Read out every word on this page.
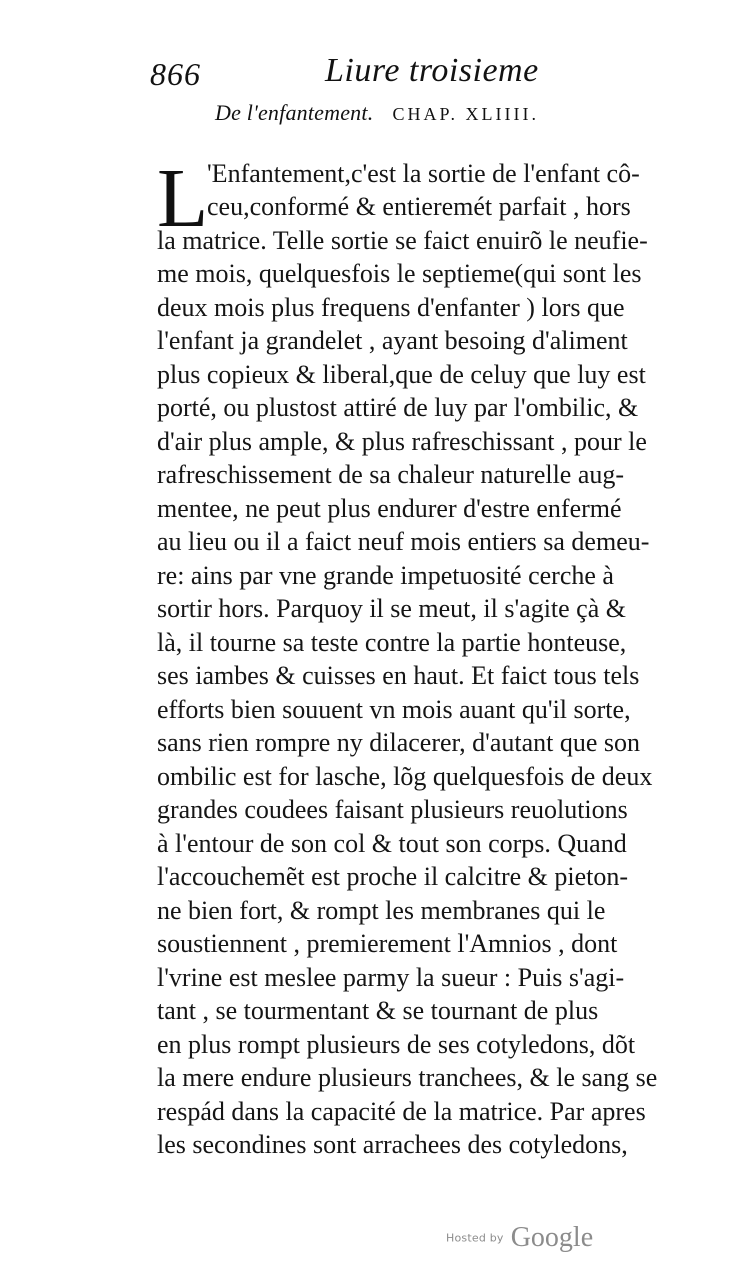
866	Liure troisieme
De l'enfantement. CHAP. XLIIII.
L
'Enfantement,c'est la sortie de l'enfant cô-
ceu,conformé & entieremét parfait , hors
la matrice. Telle sortie se faict enuirõ le neufie-
me mois, quelquesfois le septieme(qui sont les
deux mois plus frequens d'enfanter ) lors que
l'enfant ja grandelet , ayant besoing d'aliment
plus copieux & liberal,que de celuy que luy est
porté, ou plustost attiré de luy par l'ombilic, &
d'air plus ample, & plus rafreschissant , pour le
rafreschissement de sa chaleur naturelle aug-
mentee, ne peut plus endurer d'estre enfermé
au lieu ou il a faict neuf mois entiers sa demeu-
re: ains par vne grande impetuosité cerche à
sortir hors. Parquoy il se meut, il s'agite çà &
là, il tourne sa teste contre la partie honteuse,
ses iambes & cuisses en haut. Et faict tous tels
efforts bien souuent vn mois auant qu'il sorte,
sans rien rompre ny dilacerer, d'autant que son
ombilic est for lasche, lõg quelquesfois de deux
grandes coudees faisant plusieurs reuolutions
à l'entour de son col & tout son corps. Quand
l'accouchemẽt est proche il calcitre & pieton-
ne bien fort, & rompt les membranes qui le
soustiennent , premierement l'Amnios , dont
l'vrine est meslee parmy la sueur : Puis s'agi-
tant , se tourmentant & se tournant de plus
en plus rompt plusieurs de ses cotyledons, dõt
la mere endure plusieurs tranchees, & le sang se
respád dans la capacité de la matrice. Par apres
les secondines sont arrachees des cotyledons,
Hosted by Google
